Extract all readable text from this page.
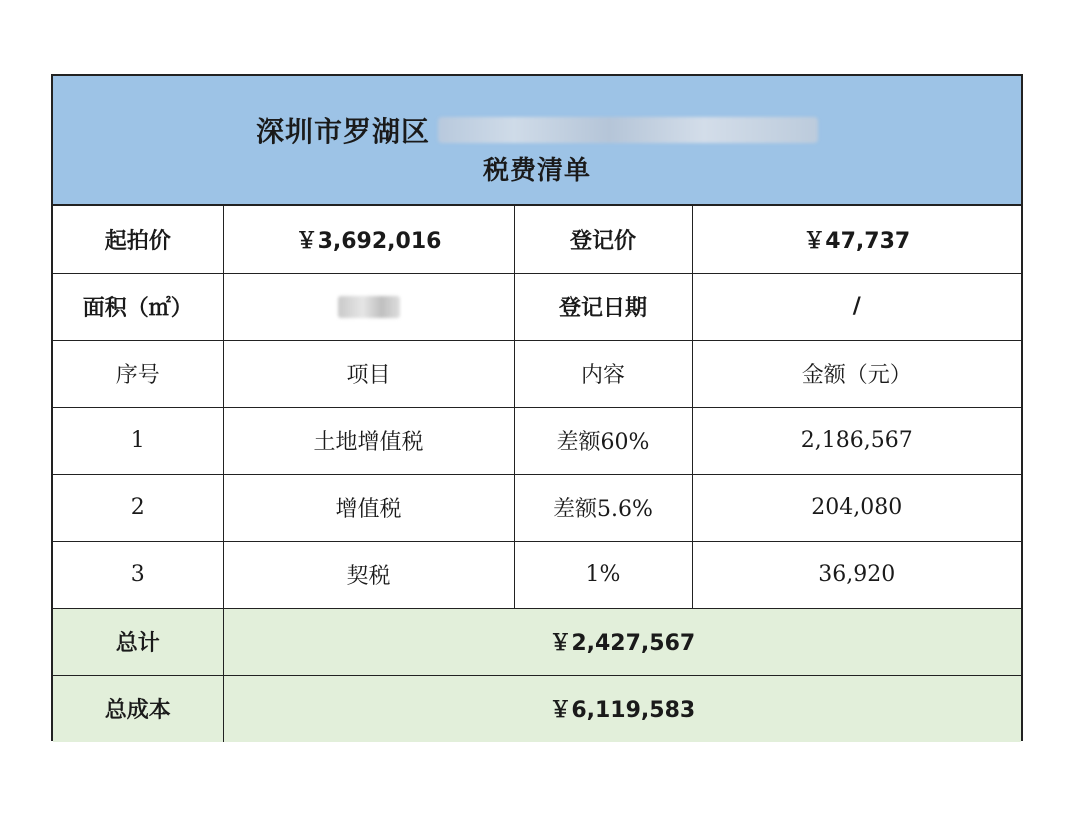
深圳市罗湖区
税费清单
起拍价	￥3,692,016	登记价	￥47,737
面积（㎡）		登记日期	/
序号	项目	内容	金额（元）
1	土地增值税	差额60%	2,186,567
2	增值税	差额5.6%	204,080
3	契税	1%	36,920
总计	￥2,427,567		
总成本	￥6,119,583		
